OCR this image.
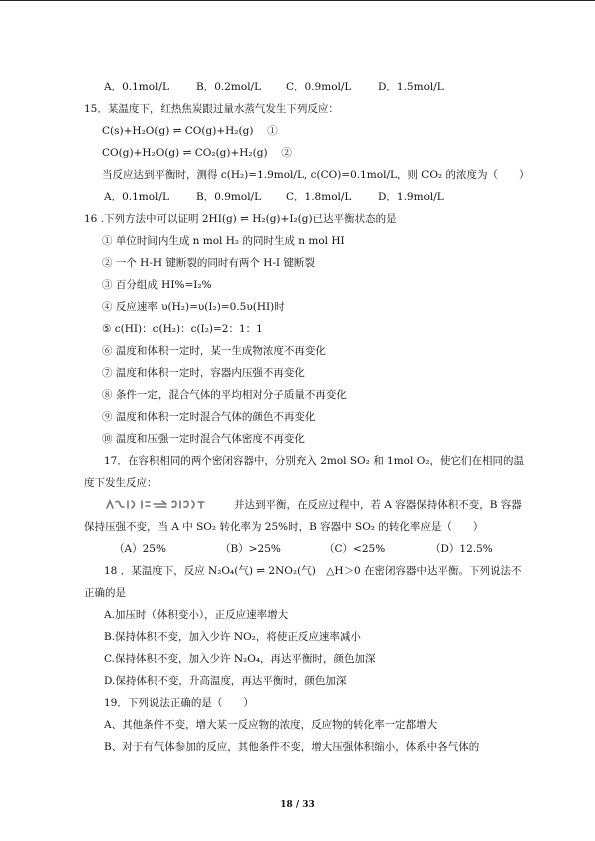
A．0.1mol/L	B．0.2mol/L C．0.9mol/L	D．1.5mol/L
15．某温度下，红热焦炭跟过量水蒸气发生下列反应：
C(s)+H₂O(g) ⇌ CO(g)+H₂(g)　 ①
CO(g)+H₂O(g) ⇌ CO₂(g)+H₂(g)　 ②
当反应达到平衡时，测得 c(H₂)=1.9mol/L, c(CO)=0.1mol/L，则 CO₂ 的浓度为（　　）
A．0.1mol/L	B．0.9mol/L C．1.8mol/L	D．1.9mol/L
16 .下列方法中可以证明 2HI(g) ⇌ H₂(g)+I₂(g)已达平衡状态的是
① 单位时间内生成 n mol H₂ 的同时生成 n mol HI
② 一个 H-H 键断裂的同时有两个 H-I 键断裂
③ 百分组成 HI%=I₂%
④ 反应速率 υ(H₂)=υ(I₂)=0.5υ(HI)时
⑤ c(HI)：c(H₂)：c(I₂)=2：1：1
⑥ 温度和体积一定时，某一生成物浓度不再变化
⑦ 温度和体积一定时，容器内压强不再变化
⑧ 条件一定，混合气体的平均相对分子质量不再变化
⑨ 温度和体积一定时混合气体的颜色不再变化
⑩ 温度和压强一定时混合气体密度不再变化
17．在容积相同的两个密闭容器中，分别充入 2mol SO₂ 和 1mol O₂，使它们在相同的温
度下发生反应：
并达到平衡，在反应过程中，若 A 容器保持体积不变，B 容器
保持压强不变，当 A 中 SO₂ 转化率为 25%时，B 容器中 SO₂ 的转化率应是（　　）
（A）25%	（B）>25%	（C）<25%	（D）12.5%
18 ．某温度下，反应 N₂O₄(气) ⇌ 2NO₂(气)　△H＞0 在密闭容器中达平衡。下列说法不
正确的是
A.加压时（体积变小），正反应速率增大
B.保持体积不变，加入少许 NO₂，将使正反应速率减小
C.保持体积不变，加入少许 N₂O₄，再达平衡时，颜色加深
D.保持体积不变，升高温度，再达平衡时，颜色加深
19．下列说法正确的是（　　）
A、其他条件不变，增大某一反应物的浓度，反应物的转化率一定都增大
B、对于有气体参加的反应，其他条件不变，增大压强体积缩小，体系中各气体的
18 / 33
